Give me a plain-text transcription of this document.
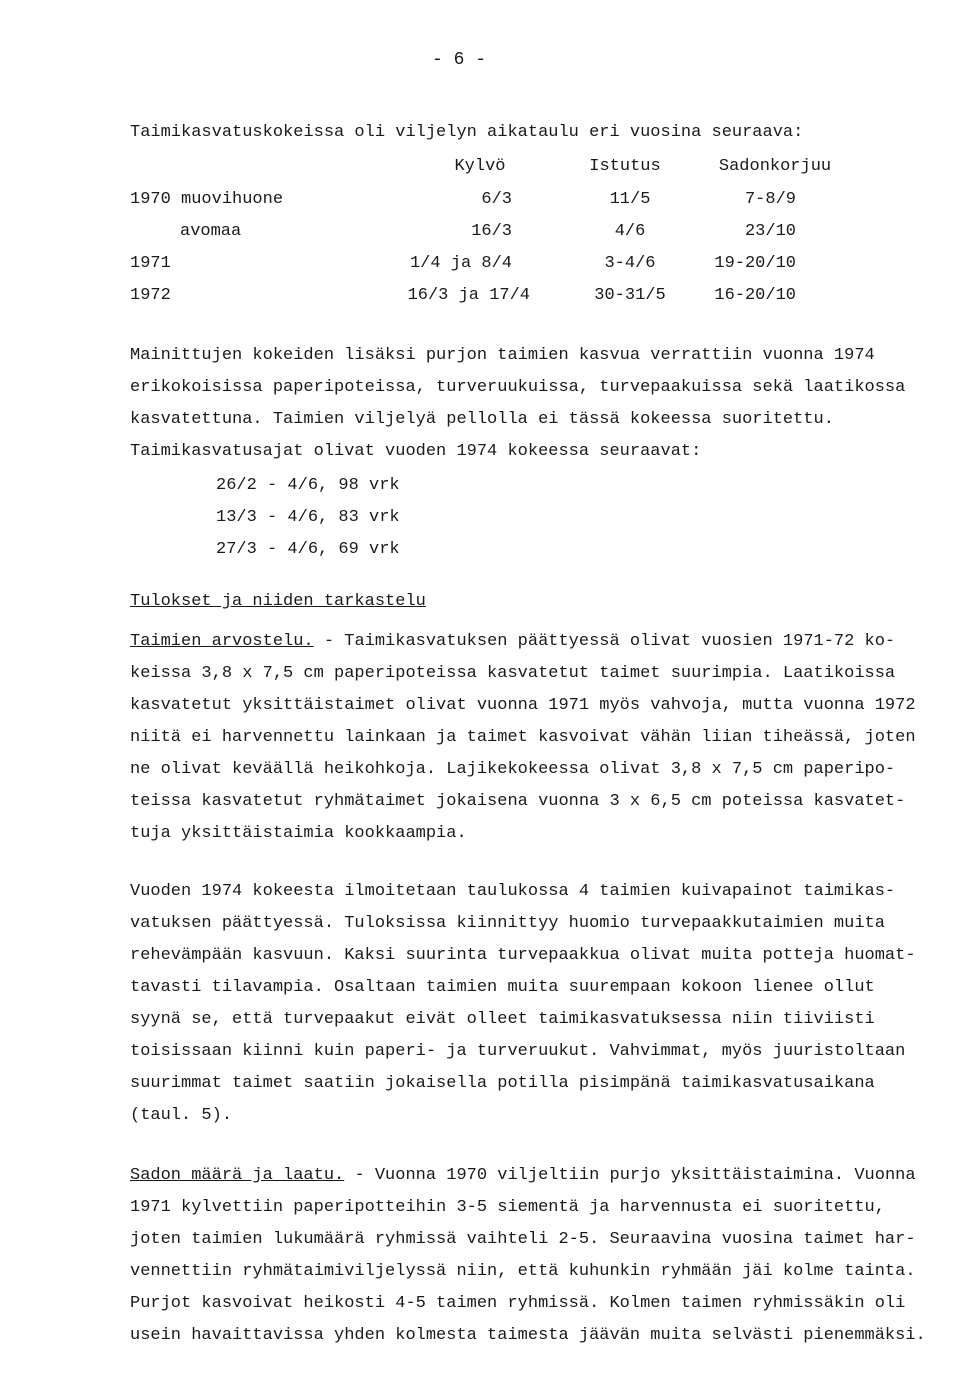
- 6 -
Taimikasvatuskokeissa oli viljelyn aikataulu eri vuosina seuraava:
Kylvö	Istutus	Sadonkorjuu
1970 muovihuone	6/3	11/5	7-8/9
avomaa	16/3	4/6	23/10
1971	1/4 ja 8/4	3-4/6	19-20/10
1972	16/3 ja 17/4	30-31/5	16-20/10
Mainittujen kokeiden lisäksi purjon taimien kasvua verrattiin vuonna 1974
erikokoisissa paperipoteissa, turveruukuissa, turvepaakuissa sekä laatikossa
kasvatettuna. Taimien viljelyä pellolla ei tässä kokeessa suoritettu.
Taimikasvatusajat olivat vuoden 1974 kokeessa seuraavat:
26/2 - 4/6, 98 vrk
13/3 - 4/6, 83 vrk
27/3 - 4/6, 69 vrk
Tulokset ja niiden tarkastelu
Taimien arvostelu. - Taimikasvatuksen päättyessä olivat vuosien 1971-72 ko-
keissa 3,8 x 7,5 cm paperipoteissa kasvatetut taimet suurimpia. Laatikoissa
kasvatetut yksittäistaimet olivat vuonna 1971 myös vahvoja, mutta vuonna 1972
niitä ei harvennettu lainkaan ja taimet kasvoivat vähän liian tiheässä, joten
ne olivat keväällä heikohkoja. Lajikekokeessa olivat 3,8 x 7,5 cm paperipo-
teissa kasvatetut ryhmätaimet jokaisena vuonna 3 x 6,5 cm poteissa kasvatet-
tuja yksittäistaimia kookkaampia.
Vuoden 1974 kokeesta ilmoitetaan taulukossa 4 taimien kuivapainot taimikas-
vatuksen päättyessä. Tuloksissa kiinnittyy huomio turvepaakkutaimien muita
rehevämpään kasvuun. Kaksi suurinta turvepaakkua olivat muita potteja huomat-
tavasti tilavampia. Osaltaan taimien muita suurempaan kokoon lienee ollut
syynä se, että turvepaakut eivät olleet taimikasvatuksessa niin tiiviisti
toisissaan kiinni kuin paperi- ja turveruukut. Vahvimmat, myös juuristoltaan
suurimmat taimet saatiin jokaisella potilla pisimpänä taimikasvatusaikana
(taul. 5).
Sadon määrä ja laatu. - Vuonna 1970 viljeltiin purjo yksittäistaimina. Vuonna
1971 kylvettiin paperipotteihin 3-5 siementä ja harvennusta ei suoritettu,
joten taimien lukumäärä ryhmissä vaihteli 2-5. Seuraavina vuosina taimet har-
vennettiin ryhmätaimiviljelyssä niin, että kuhunkin ryhmään jäi kolme tainta.
Purjot kasvoivat heikosti 4-5 taimen ryhmissä. Kolmen taimen ryhmissäkin oli
usein havaittavissa yhden kolmesta taimesta jäävän muita selvästi pienemmäksi.
